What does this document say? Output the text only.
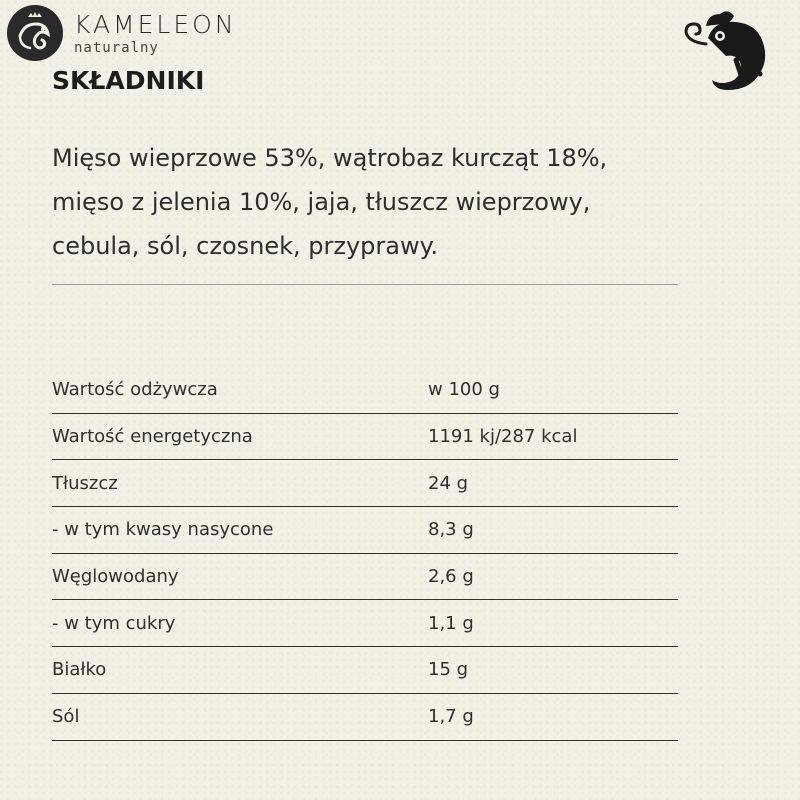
KAMELEON
naturalny
SKŁADNIKI
Mięso wieprzowe 53%, wątrobaz kurcząt 18%,
mięso z jelenia 10%, jaja, tłuszcz wieprzowy,
cebula, sól, czosnek, przyprawy.
Wartość odżywcza	w 100 g
Wartość energetyczna	1191 kj/287 kcal
Tłuszcz	24 g
- w tym kwasy nasycone	8,3 g
Węglowodany	2,6 g
- w tym cukry	1,1 g
Białko	15 g
Sól	1,7 g
